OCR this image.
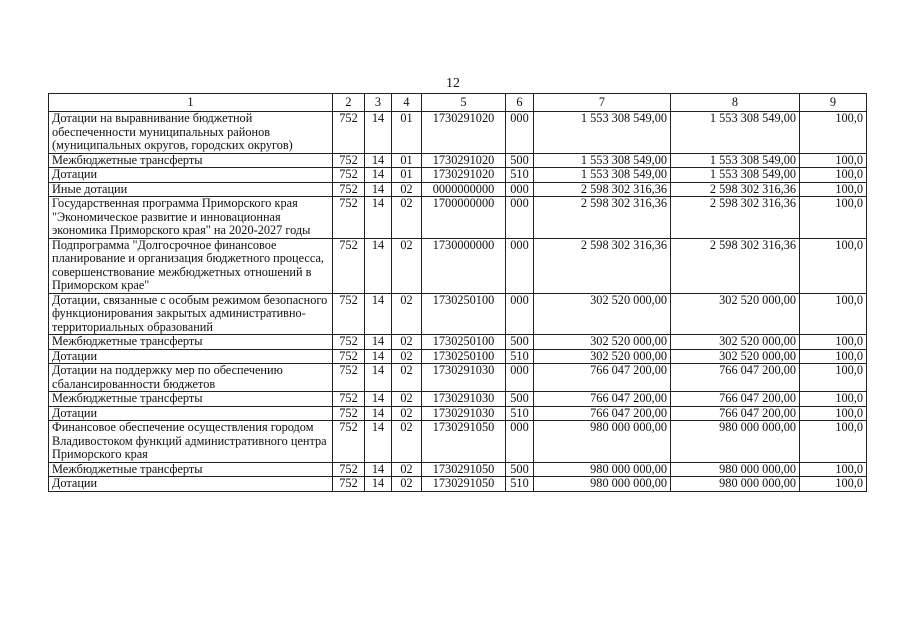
12
1	2	3	4	5	6	7	8	9
Дотации на выравнивание бюджетной обеспеченности муниципальных районов (муниципальных округов, городских округов)	752	14	01	1730291020	000	1 553 308 549,00	1 553 308 549,00	100,0
Межбюджетные трансферты	752	14	01	1730291020	500	1 553 308 549,00	1 553 308 549,00	100,0
Дотации	752	14	01	1730291020	510	1 553 308 549,00	1 553 308 549,00	100,0
Иные дотации	752	14	02	0000000000	000	2 598 302 316,36	2 598 302 316,36	100,0
Государственная программа Приморского края "Экономическое развитие и инновационная экономика Приморского края" на 2020-2027 годы	752	14	02	1700000000	000	2 598 302 316,36	2 598 302 316,36	100,0
Подпрограмма "Долгосрочное финансовое планирование и организация бюджетного процесса, совершенствование межбюджетных отношений в Приморском крае"	752	14	02	1730000000	000	2 598 302 316,36	2 598 302 316,36	100,0
Дотации, связанные с особым режимом безопасного функционирования закрытых административно-территориальных образований	752	14	02	1730250100	000	302 520 000,00	302 520 000,00	100,0
Межбюджетные трансферты	752	14	02	1730250100	500	302 520 000,00	302 520 000,00	100,0
Дотации	752	14	02	1730250100	510	302 520 000,00	302 520 000,00	100,0
Дотации на поддержку мер по обеспечению сбалансированности бюджетов	752	14	02	1730291030	000	766 047 200,00	766 047 200,00	100,0
Межбюджетные трансферты	752	14	02	1730291030	500	766 047 200,00	766 047 200,00	100,0
Дотации	752	14	02	1730291030	510	766 047 200,00	766 047 200,00	100,0
Финансовое обеспечение осуществления городом Владивостоком функций административного центра Приморского края	752	14	02	1730291050	000	980 000 000,00	980 000 000,00	100,0
Межбюджетные трансферты	752	14	02	1730291050	500	980 000 000,00	980 000 000,00	100,0
Дотации	752	14	02	1730291050	510	980 000 000,00	980 000 000,00	100,0
